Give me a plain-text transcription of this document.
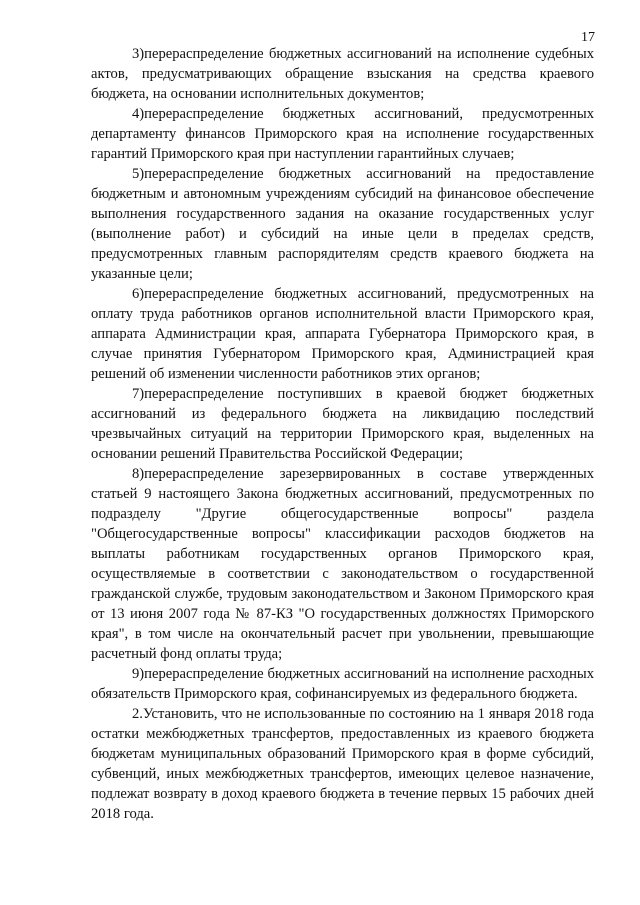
17

3)перераспределение бюджетных ассигнований на исполнение судебных актов, предусматривающих обращение взыскания на средства краевого бюджета, на основании исполнительных документов;

4)перераспределение бюджетных ассигнований, предусмотренных департаменту финансов Приморского края на исполнение государственных гарантий Приморского края при наступлении гарантийных случаев;

5)перераспределение бюджетных ассигнований на предоставление бюджетным и автономным учреждениям субсидий на финансовое обеспечение выполнения государственного задания на оказание государственных услуг (выполнение работ) и субсидий на иные цели в пределах средств, предусмотренных главным распорядителям средств краевого бюджета на указанные цели;

6)перераспределение бюджетных ассигнований, предусмотренных на оплату труда работников органов исполнительной власти Приморского края, аппарата Администрации края, аппарата Губернатора Приморского края, в случае принятия Губернатором Приморского края, Администрацией края решений об изменении численности работников этих органов;

7)перераспределение поступивших в краевой бюджет бюджетных ассигнований из федерального бюджета на ликвидацию последствий чрезвычайных ситуаций на территории Приморского края, выделенных на основании решений Правительства Российской Федерации;

8)перераспределение зарезервированных в составе утвержденных статьей 9 настоящего Закона бюджетных ассигнований, предусмотренных по подразделу "Другие общегосударственные вопросы" раздела "Общегосударственные вопросы" классификации расходов бюджетов на выплаты работникам государственных органов Приморского края, осуществляемые в соответствии с законодательством о государственной гражданской службе, трудовым законодательством и Законом Приморского края от 13 июня 2007 года № 87-КЗ "О государственных должностях Приморского края", в том числе на окончательный расчет при увольнении, превышающие расчетный фонд оплаты труда;

9)перераспределение бюджетных ассигнований на исполнение расходных обязательств Приморского края, софинансируемых из федерального бюджета.

2.Установить, что не использованные по состоянию на 1 января 2018 года остатки межбюджетных трансфертов, предоставленных из краевого бюджета бюджетам муниципальных образований Приморского края в форме субсидий, субвенций, иных межбюджетных трансфертов, имеющих целевое назначение, подлежат возврату в доход краевого бюджета в течение первых 15 рабочих дней 2018 года.
